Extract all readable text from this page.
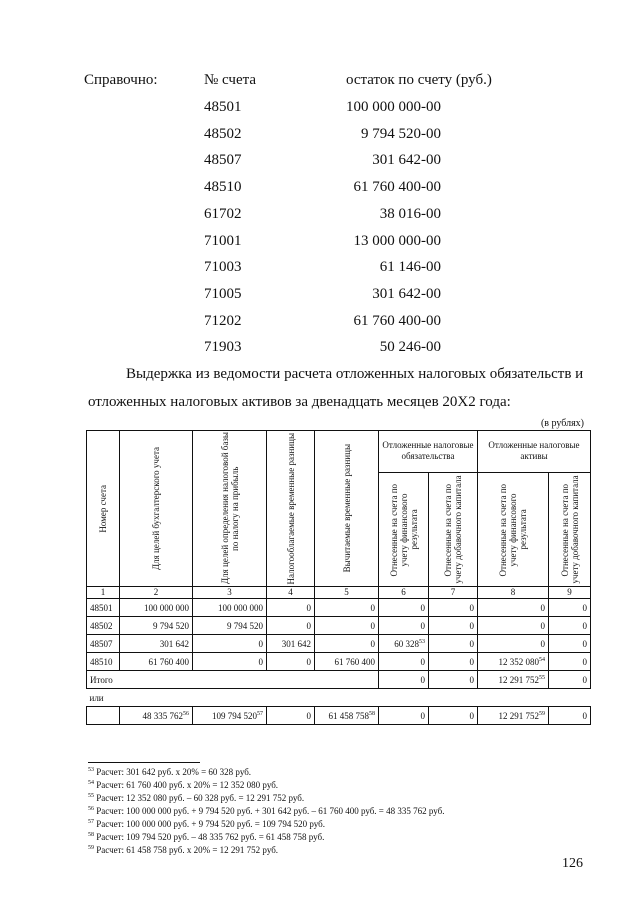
Справочно:	№ счета	остаток по счету (руб.)
48501	100 000 000-00
48502	9 794 520-00
48507	301 642-00
48510	61 760 400-00
61702	38 016-00
71001	13 000 000-00
71003	61 146-00
71005	301 642-00
71202	61 760 400-00
71903	50 246-00
Выдержка из ведомости расчета отложенных налоговых обязательств и
отложенных налоговых активов за двенадцать месяцев 20Х2 года:
(в рублях)
Номер счета	Для целей бухгалтерского учета	Для целей определения налоговой базы по налогу на прибыль	Налогооблагаемые временные разницы	Вычитаемые временные разницы	Отложенные налоговые обязательства		Отложенные налоговые активы	

					Отнесенные на счета по учету финансового результата	Отнесенные на счета по учету добавочного капитала	Отнесенные на счета по учету финансового результата	Отнесенные на счета по учету добавочного капитала

1	2	3	4	5	6	7	8	9
48501	100 000 000	100 000 000	0	0	0	0	0	0
48502	9 794 520	9 794 520	0	0	0	0	0	0
48507	301 642	0	301 642	0	60 $328^{53}$	0	0	0
48510	61 760 400	0	0	61 760 400	0	0	12 352 $080^{54}$	0
Итого					0	0	12 291 $752^{55}$	0
или								
	48 335 $762^{56}$	109 794 $520^{57}$	0	61 458 $758^{58}$	0	0	12 291 $752^{59}$	0
$^{53}$ Расчет: 301 642 руб. х 20% = 60 328 руб.
$^{54}$ Расчет: 61 760 400 руб. х 20% = 12 352 080 руб.
$^{55}$ Расчет: 12 352 080 руб. – 60 328 руб. = 12 291 752 руб.
$^{56}$ Расчет: 100 000 000 руб. + 9 794 520 руб. + 301 642 руб. – 61 760 400 руб. = 48 335 762 руб.
$^{57}$ Расчет: 100 000 000 руб. + 9 794 520 руб. = 109 794 520 руб.
$^{58}$ Расчет: 109 794 520 руб. – 48 335 762 руб. = 61 458 758 руб.
$^{59}$ Расчет: 61 458 758 руб. х 20% = 12 291 752 руб.
126
